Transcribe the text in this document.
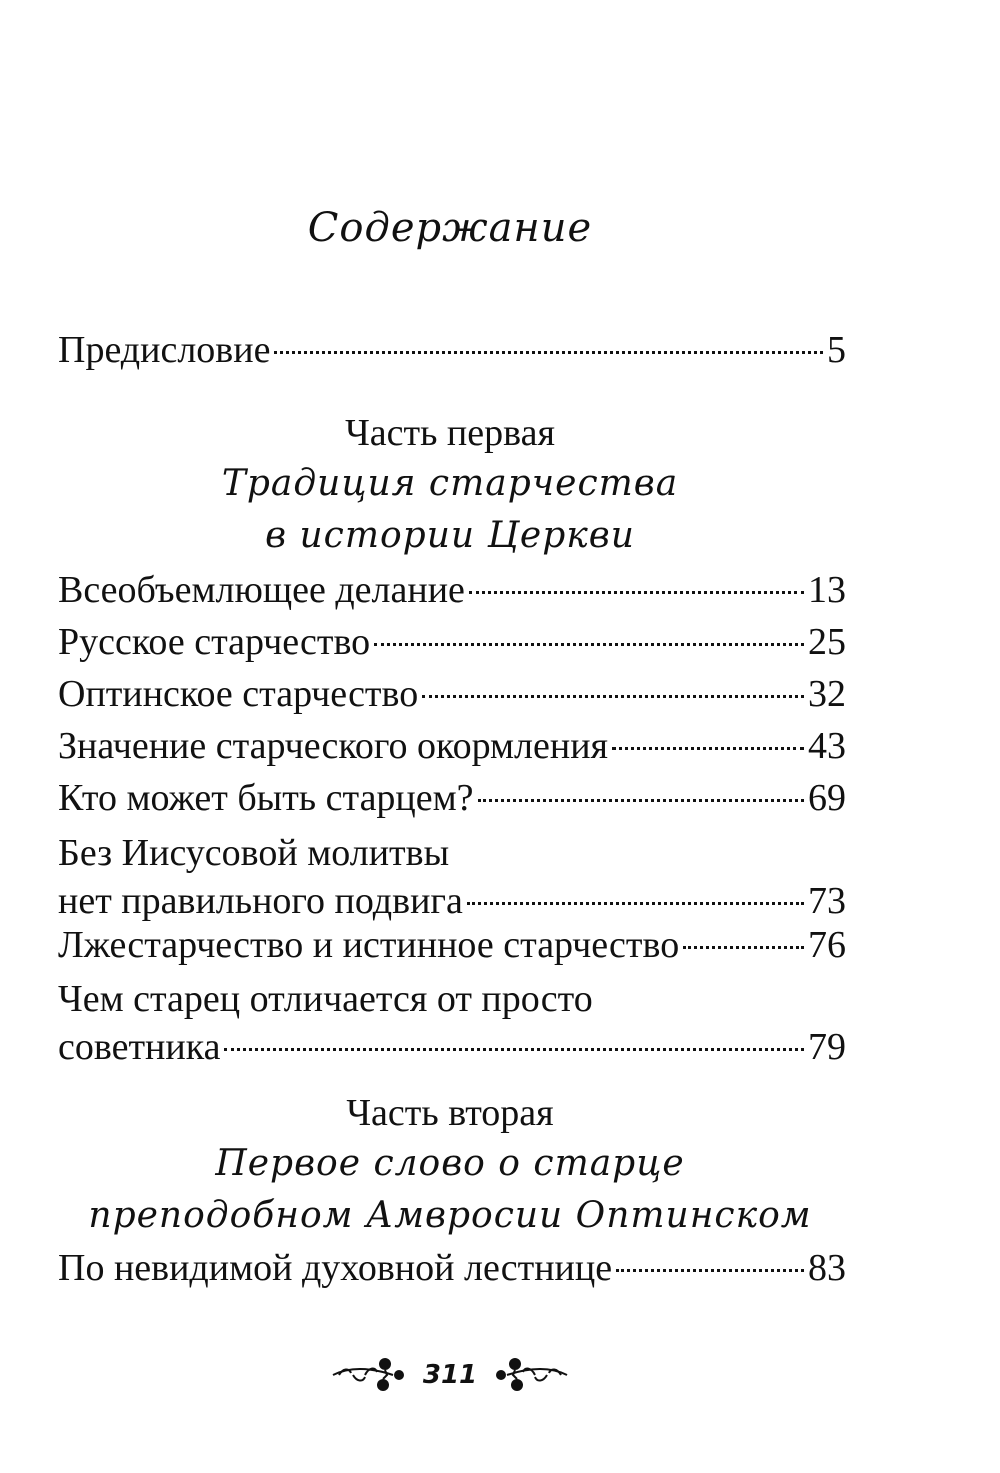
Содержание
Предисловие	5
Часть первая
Традиция старчества
в истории Церкви
Всеобъемлющее делание	13
Русское старчество	25
Оптинское старчество	32
Значение старческого окормления	43
Кто может быть старцем?	69
Без Иисусовой молитвы
нет правильного подвига	73
Лжестарчество и истинное старчество	76
Чем старец отличается от просто
советника	79
Часть вторая
Первое слово о старце
преподобном Амвросии Оптинском
По невидимой духовной лестнице	83
311
